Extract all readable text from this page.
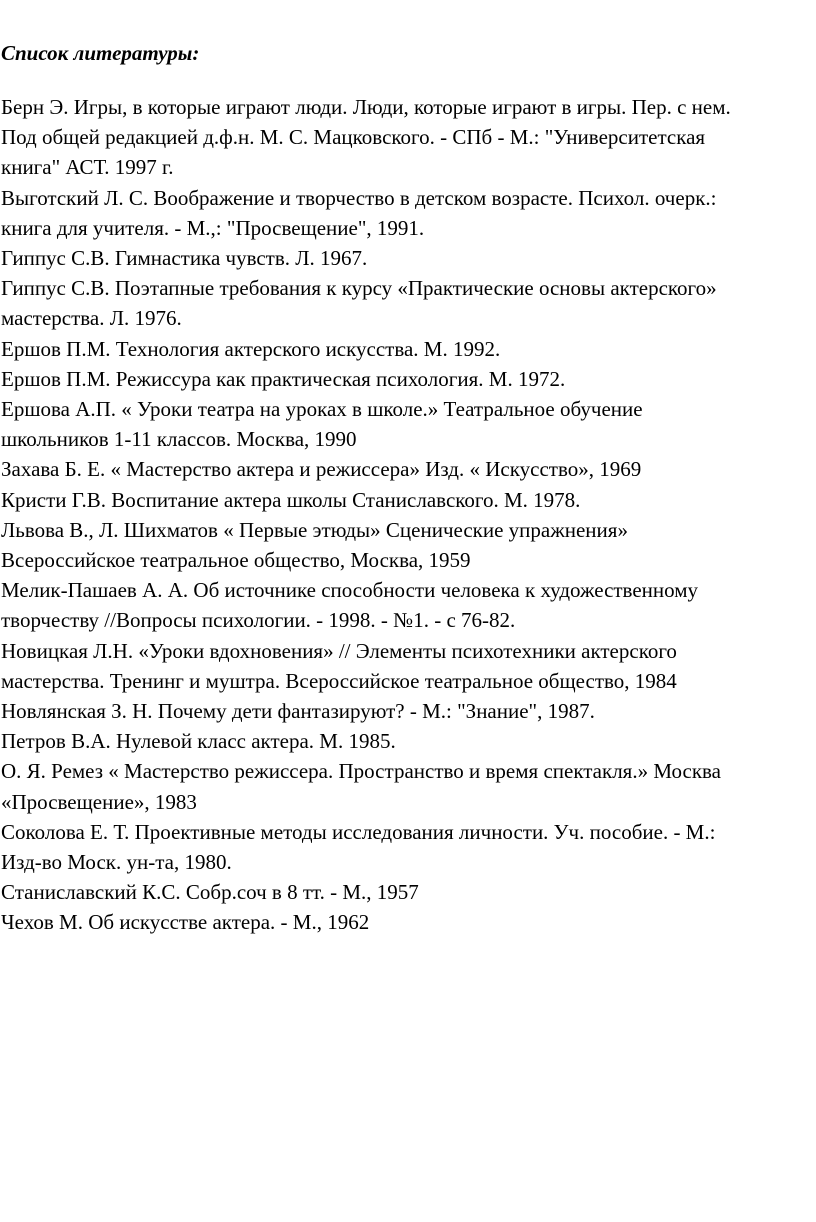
Список литературы:
Берн Э. Игры, в которые играют люди. Люди, которые играют в игры. Пер. с нем.
Под общей редакцией д.ф.н. М. С. Мацковского. - СПб - М.: "Университетская
книга" АСТ. 1997 г.
Выготский Л. С. Воображение и творчество в детском возрасте. Психол. очерк.:
книга для учителя. - М.,: "Просвещение", 1991.
Гиппус С.В. Гимнастика чувств. Л. 1967.
Гиппус С.В. Поэтапные требования к курсу «Практические основы актерского»
мастерства. Л. 1976.
Ершов П.М. Технология актерского искусства. М. 1992.
Ершов П.М. Режиссура как практическая психология. М. 1972.
Ершова А.П. « Уроки театра на уроках в школе.» Театральное обучение
школьников 1-11 классов. Москва, 1990
Захава Б. Е. « Мастерство актера и режиссера» Изд. « Искусство», 1969
Кристи Г.В. Воспитание актера школы Станиславского. М. 1978.
Львова В., Л. Шихматов « Первые этюды» Сценические упражнения»
Всероссийское театральное общество, Москва, 1959
Мелик-Пашаев А. А. Об источнике способности человека к художественному
творчеству //Вопросы психологии. - 1998. - №1. - с 76-82.
Новицкая Л.Н. «Уроки вдохновения» // Элементы психотехники актерского
мастерства. Тренинг и муштра. Всероссийское театральное общество, 1984
Новлянская З. Н. Почему дети фантазируют? - М.: "Знание", 1987.
Петров В.А. Нулевой класс актера. М. 1985.
О. Я. Ремез « Мастерство режиссера. Пространство и время спектакля.» Москва
«Просвещение», 1983
Соколова Е. Т. Проективные методы исследования личности. Уч. пособие. - М.:
Изд-во Моск. ун-та, 1980.
Станиславский К.С. Собр.соч в 8 тт. - М., 1957
Чехов М. Об искусстве актера. - М., 1962
